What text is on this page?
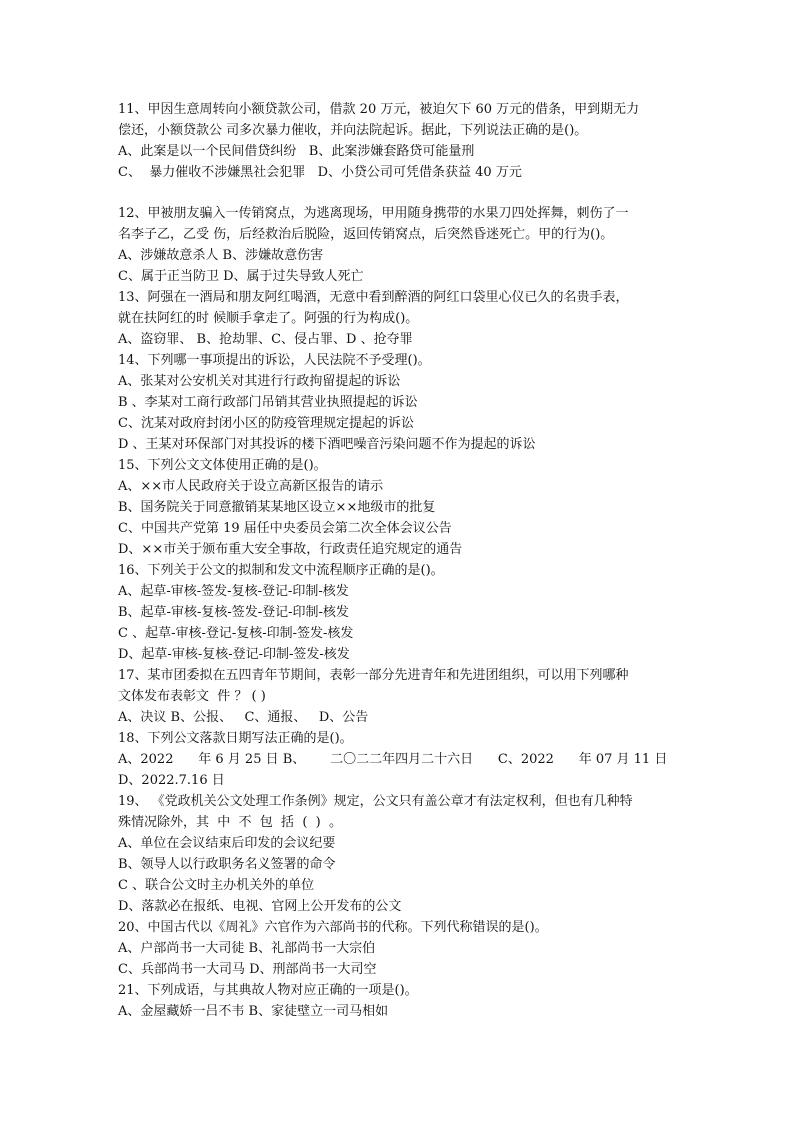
11、甲因生意周转向小额贷款公司，借款 20 万元，被迫欠下 60 万元的借条，甲到期无力
偿还，小额贷款公 司多次暴力催收，并向法院起诉。据此，下列说法正确的是()。
A、此案是以一个民间借贷纠纷   B、此案涉嫌套路贷可能量刑
C、  暴力催收不涉嫌黑社会犯罪   D、小贷公司可凭借条获益 40 万元
12、甲被朋友骗入一传销窝点，为逃离现场，甲用随身携带的水果刀四处挥舞，刺伤了一
名李子乙，乙受 伤，后经救治后脱险，返回传销窝点，后突然昏迷死亡。甲的行为()。
A、涉嫌故意杀人 B、涉嫌故意伤害
C、属于正当防卫 D、属于过失导致人死亡
13、阿强在一酒局和朋友阿红喝酒，无意中看到醉酒的阿红口袋里心仪已久的名贵手表，
就在扶阿红的时 候顺手拿走了。阿强的行为构成()。
A、盗窃罪、 B、抢劫罪、C、侵占罪、D 、抢夺罪
14、下列哪一事项提出的诉讼，人民法院不予受理()。
A、张某对公安机关对其进行行政拘留提起的诉讼
B 、李某对工商行政部门吊销其营业执照提起的诉讼
C、沈某对政府封闭小区的防疫管理规定提起的诉讼
D 、王某对环保部门对其投诉的楼下酒吧噪音污染问题不作为提起的诉讼
15、下列公文文体使用正确的是()。
A、××市人民政府关于设立高新区报告的请示
B、国务院关于同意撤销某某地区设立××地级市的批复
C、中国共产党第 19 届任中央委员会第二次全体会议公告
D、××市关于颁布重大安全事故，行政责任追究规定的通告
16、下列关于公文的拟制和发文中流程顺序正确的是()。
A、起草-审核-签发-复核-登记-印制-核发
B、起草-审核-复核-签发-登记-印制-核发
C 、起草-审核-登记-复核-印制-签发-核发
D、起草-审核-复核-登记-印制-签发-核发
17、某市团委拟在五四青年节期间，表彰一部分先进青年和先进团组织，可以用下列哪种
文体发布表彰文  件 ？ ( )
A、决议 B、公报、   C、通报、   D、公告
18、下列公文落款日期写法正确的是()。
A、2022      年 6 月 25 日 B、      二〇二二年四月二十六日      C、2022      年 07 月 11 日
D、2022.7.16 日
19、 《党政机关公文处理工作条例》规定，公文只有盖公章才有法定权利，但也有几种特
殊情况除外，其  中  不  包  括  (  )  。
A、单位在会议结束后印发的会议纪要
B、领导人以行政职务名义签署的命令
C 、联合公文时主办机关外的单位
D、落款必在报纸、电视、官网上公开发布的公文
20、中国古代以《周礼》六官作为六部尚书的代称。下列代称错误的是()。
A、户部尚书一大司徒 B、礼部尚书一大宗伯
C、兵部尚书一大司马 D、刑部尚书一大司空
21、下列成语，与其典故人物对应正确的一项是()。
A、金屋藏娇一吕不韦 B、家徒壁立一司马相如
